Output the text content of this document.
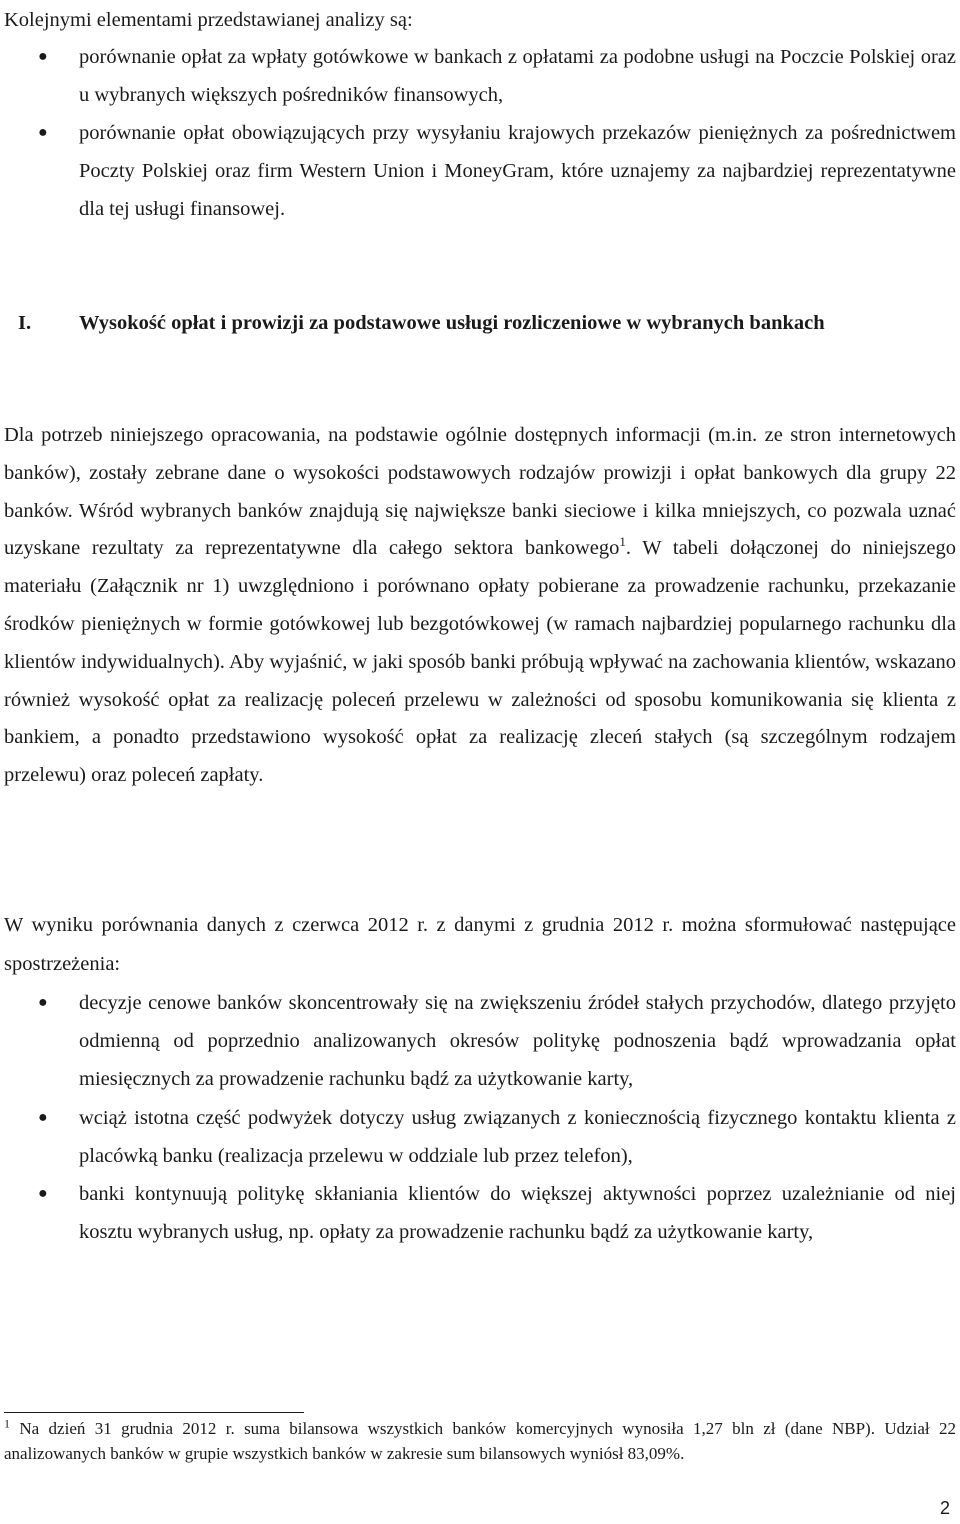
Kolejnymi elementami przedstawianej analizy są:
● porównanie opłat za wpłaty gotówkowe w bankach z opłatami za podobne usługi na Poczcie Polskiej oraz u wybranych większych pośredników finansowych,
● porównanie opłat obowiązujących przy wysyłaniu krajowych przekazów pieniężnych za pośrednictwem Poczty Polskiej oraz firm Western Union i MoneyGram, które uznajemy za najbardziej reprezentatywne dla tej usługi finansowej.
I. Wysokość opłat i prowizji za podstawowe usługi rozliczeniowe w wybranych bankach

Dla potrzeb niniejszego opracowania, na podstawie ogólnie dostępnych informacji (m.in. ze stron internetowych banków), zostały zebrane dane o wysokości podstawowych rodzajów prowizji i opłat bankowych dla grupy 22 banków. Wśród wybranych banków znajdują się największe banki sieciowe i kilka mniejszych, co pozwala uznać uzyskane rezultaty za reprezentatywne dla całego sektora bankowego$^1$. W tabeli dołączonej do niniejszego materiału (Załącznik nr 1) uwzględniono i porównano opłaty pobierane za prowadzenie rachunku, przekazanie środków pieniężnych w formie gotówkowej lub bezgotówkowej (w ramach najbardziej popularnego rachunku dla klientów indywidualnych). Aby wyjaśnić, w jaki sposób banki próbują wpływać na zachowania klientów, wskazano również wysokość opłat za realizację poleceń przelewu w zależności od sposobu komunikowania się klienta z bankiem, a ponadto przedstawiono wysokość opłat za realizację zleceń stałych (są szczególnym rodzajem przelewu) oraz poleceń zapłaty.

W wyniku porównania danych z czerwca 2012 r. z danymi z grudnia 2012 r. można sformułować następujące spostrzeżenia:

● decyzje cenowe banków skoncentrowały się na zwiększeniu źródeł stałych przychodów, dlatego przyjęto odmienną od poprzednio analizowanych okresów politykę podnoszenia bądź wprowadzania opłat miesięcznych za prowadzenie rachunku bądź za użytkowanie karty,
● wciąż istotna część podwyżek dotyczy usług związanych z koniecznością fizycznego kontaktu klienta z placówką banku (realizacja przelewu w oddziale lub przez telefon),
● banki kontynuują politykę skłaniania klientów do większej aktywności poprzez uzależnianie od niej kosztu wybranych usług, np. opłaty za prowadzenie rachunku bądź za użytkowanie karty,

$^1$ Na dzień 31 grudnia 2012 r. suma bilansowa wszystkich banków komercyjnych wynosiła 1,27 bln zł (dane NBP). Udział 22 analizowanych banków w grupie wszystkich banków w zakresie sum bilansowych wyniósł 83,09%.

2
